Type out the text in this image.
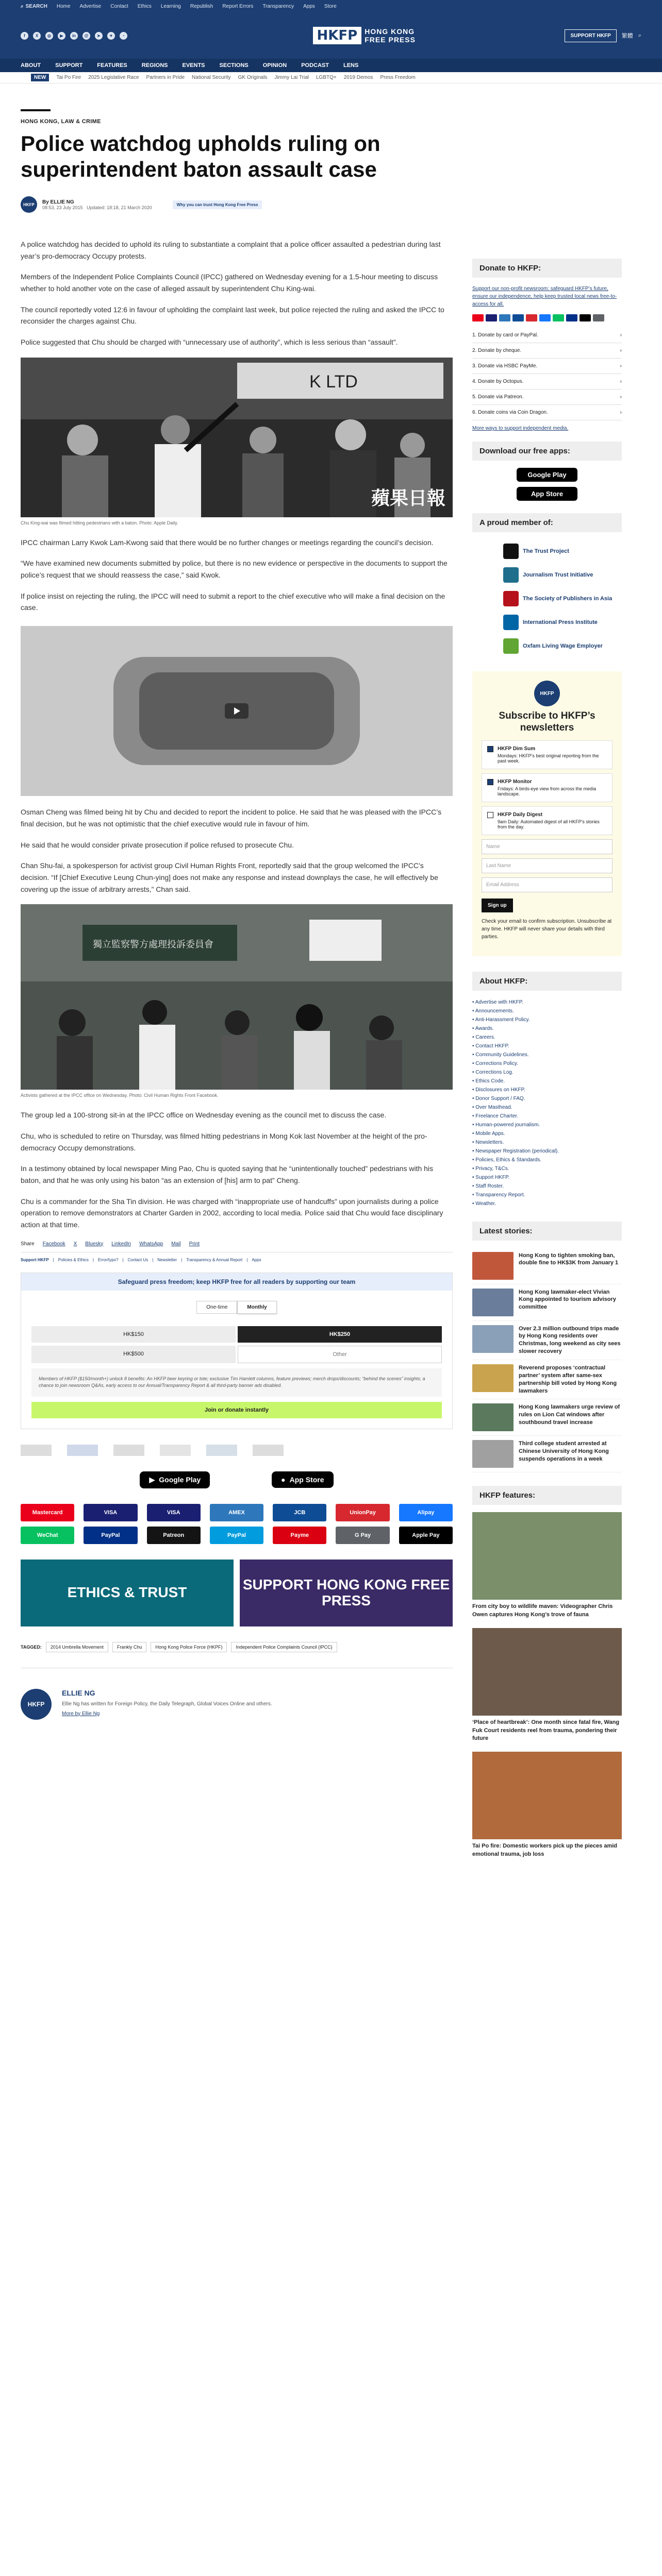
⌕ SEARCH Home Advertise Contact Ethics Learning Republish Report Errors Transparency Apps Store
f	X	◎	▶	in	@	➤	✦	◔	HKFP	HONG KONG
FREE PRESS	SUPPORT HKFP	繁體 ⌕
ABOUT	SUPPORT	FEATURES	REGIONS	EVENTS	SECTIONS	OPINION	PODCAST	LENS
NEW	Tai Po Fire 2025 Legislative Race Partners in Pride National Security GK Originals Jimmy Lai Trial LGBTQ+ 2019 Demos Press Freedom
HONG KONG, LAW & CRIME
Police watchdog upholds ruling on superintendent baton assault case
HKFP	By ELLIE NG
08:53, 23 July 2015 Updated: 18:18, 21 March 2020
Why you can trust Hong Kong Free Press

A police watchdog has decided to uphold its ruling to substantiate a complaint that a police officer assaulted a pedestrian during last year’s pro-democracy Occupy protests.

Members of the Independent Police Complaints Council (IPCC) gathered on Wednesday evening for a 1.5-hour meeting to discuss whether to hold another vote on the case of alleged assault by superintendent Chu King-wai.

The council reportedly voted 12:6 in favour of upholding the complaint last week, but police rejected the ruling and asked the IPCC to reconsider the charges against Chu.

Police suggested that Chu should be charged with “unnecessary use of authority”, which is less serious than “assault”.

K LTD
蘋果日報
Chu King-wai was filmed hitting pedestrians with a baton. Photo: Apple Daily.

IPCC chairman Larry Kwok Lam-Kwong said that there would be no further changes or meetings regarding the council’s decision.

“We have examined new documents submitted by police, but there is no new evidence or perspective in the documents to support the police’s request that we should reassess the case,” said Kwok.

If police insist on rejecting the ruling, the IPCC will need to submit a report to the chief executive who will make a final decision on the case.

Osman Cheng was filmed being hit by Chu and decided to report the incident to police. He said that he was pleased with the IPCC’s final decision, but he was not optimistic that the chief executive would rule in favour of him.

He said that he would consider private prosecution if police refused to prosecute Chu.

Chan Shu-fai, a spokesperson for activist group Civil Human Rights Front, reportedly said that the group welcomed the IPCC’s decision. “If [Chief Executive Leung Chun-ying] does not make any response and instead downplays the case, he will effectively be covering up the issue of arbitrary arrests,” Chan said.

獨立監察警方處理投訴委員會
Activists gathered at the IPCC office on Wednesday. Photo: Civil Human Rights Front Facebook.

The group led a 100-strong sit-in at the IPCC office on Wednesday evening as the council met to discuss the case.

Chu, who is scheduled to retire on Thursday, was filmed hitting pedestrians in Mong Kok last November at the height of the pro-democracy Occupy demonstrations.

In a testimony obtained by local newspaper Ming Pao, Chu is quoted saying that he “unintentionally touched” pedestrians with his baton, and that he was only using his baton “as an extension of [his] arm to pat” Cheng.

Chu is a commander for the Sha Tin division. He was charged with “inappropriate use of handcuffs” upon journalists during a police operation to remove demonstrators at Charter Garden in 2002, according to local media. Police said that Chu would face disciplinary action at that time.

Share Facebook X Bluesky LinkedIn WhatsApp Mail Print
Support HKFP | Policies & Ethics | Error/typo? | Contact Us | Newsletter | Transparency & Annual Report | Apps
Safeguard press freedom; keep HKFP free for all readers by supporting our team
One-time	Monthly
HK$150	HK$250
HK$500	Other
Members of HKFP ($150/month+) unlock 8 benefits: An HKFP beer keyring or tote; exclusive Tim Hamlett columns, feature previews; merch drops/discounts; “behind the scenes” insights; a chance to join newsroom Q&As, early access to our Annual/Transparency Report & all third-party banner ads disabled.
Join or donate instantly
▶ Google Play	● App Store
Mastercard	VISA	VISA	AMEX	JCB	UnionPay	Alipay
WeChat	PayPal	Patreon	PayPal	Payme	G Pay	Apple Pay
ETHICS & TRUST	SUPPORT HONG KONG FREE PRESS
TAGGED:	2014 Umbrella Movement	Frankly Chu	Hong Kong Police Force (HKPF)	Independent Police Complaints Council (IPCC)
HKFP
ELLIE NG
Ellie Ng has written for Foreign Policy, the Daily Telegraph, Global Voices Online and others.
More by Ellie Ng
Donate to HKFP:
Support our non-profit newsroom: safeguard HKFP’s future, ensure our independence, help keep trusted local news free-to-access for all.
1. Donate by card or PayPal.	›
2. Donate by cheque.	›
3. Donate via HSBC PayMe.	›
4. Donate by Octopus.	›
5. Donate via Patreon.	›
6. Donate coins via Coin Dragon.	›
More ways to support independent media.
Download our free apps:
Google Play
App Store
A proud member of:
The Trust Project
Journalism Trust Initiative
The Society of Publishers in Asia
International Press Institute
Oxfam Living Wage Employer
HKFP
Subscribe to HKFP’s newsletters
HKFP Dim Sum
Mondays: HKFP’s best original reporting from the past week.
HKFP Monitor
Fridays: A birds-eye view from across the media landscape.
HKFP Daily Digest
9am Daily: Automated digest of all HKFP’s stories from the day.
Name
Last Name
Email Address
Sign up
Check your email to confirm subscription. Unsubscribe at any time. HKFP will never share your details with third parties.
About HKFP:
• Advertise with HKFP.
• Announcements.
• Anti-Harassment Policy.
• Awards.
• Careers.
• Contact HKFP.
• Community Guidelines.
• Corrections Policy.
• Corrections Log.
• Ethics Code.
• Disclosures on HKFP.
• Donor Support / FAQ.
• Over Masthead.
• Freelance Charter.
• Human-powered journalism.
• Mobile Apps.
• Newsletters.
• Newspaper Registration (periodical).
• Policies, Ethics & Standards.
• Privacy, T&Cs.
• Support HKFP.
• Staff Roster.
• Transparency Report.
• Weather.
Latest stories:
Hong Kong to tighten smoking ban, double fine to HK$3K from January 1
Hong Kong lawmaker-elect Vivian Kong appointed to tourism advisory committee
Over 2.3 million outbound trips made by Hong Kong residents over Christmas, long weekend as city sees slower recovery
Reverend proposes ‘contractual partner’ system after same-sex partnership bill voted by Hong Kong lawmakers
Hong Kong lawmakers urge review of rules on Lion Cat windows after southbound travel increase
Third college student arrested at Chinese University of Hong Kong suspends operations in a week
HKFP features:
From city boy to wildlife maven: Videographer Chris Owen captures Hong Kong’s trove of fauna
‘Place of heartbreak’: One month since fatal fire, Wang Fuk Court residents reel from trauma, pondering their future
Tai Po fire: Domestic workers pick up the pieces amid emotional trauma, job loss
